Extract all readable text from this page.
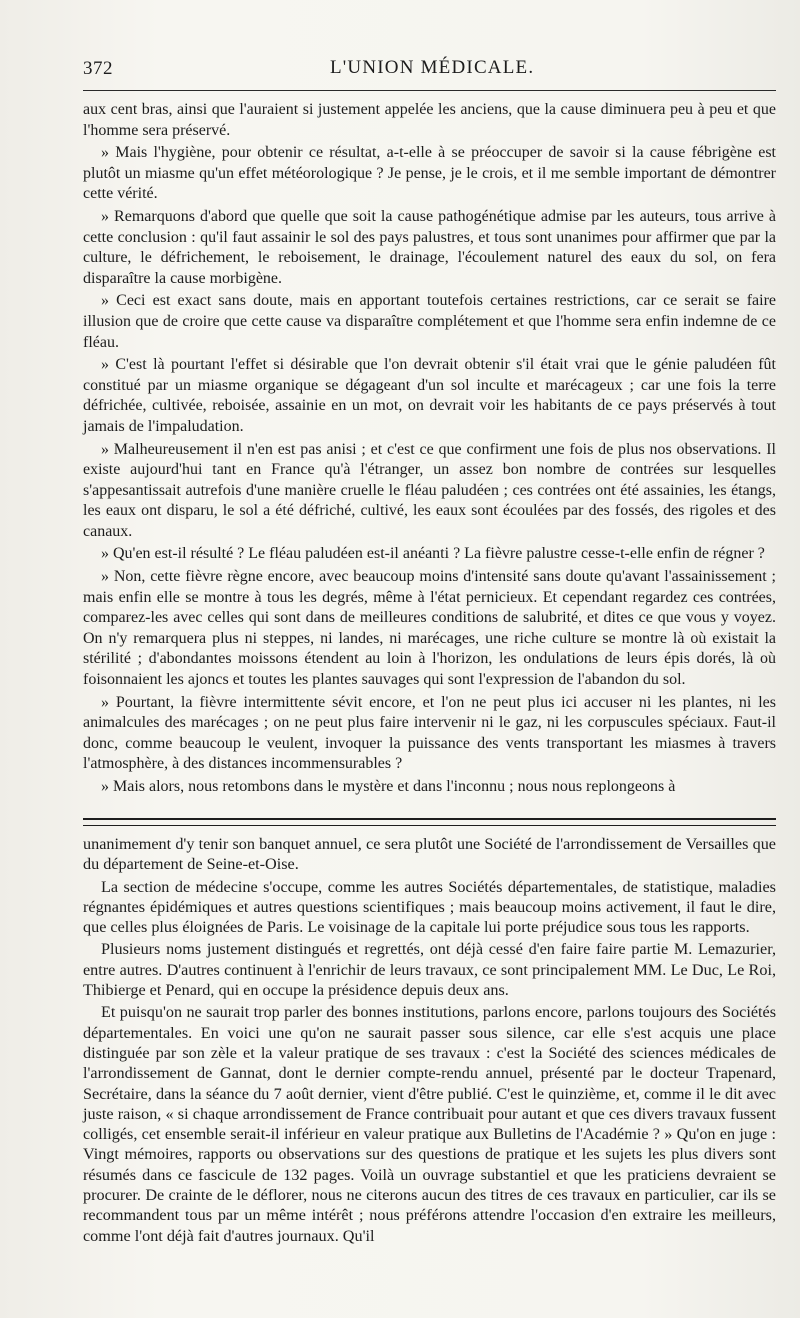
372	L'UNION MÉDICALE.

aux cent bras, ainsi que l'auraient si justement appelée les anciens, que la cause diminuera peu à peu et que l'homme sera préservé.

» Mais l'hygiène, pour obtenir ce résultat, a-t-elle à se préoccuper de savoir si la cause fébrigène est plutôt un miasme qu'un effet météorologique ? Je pense, je le crois, et il me semble important de démontrer cette vérité.

» Remarquons d'abord que quelle que soit la cause pathogénétique admise par les auteurs, tous arrive à cette conclusion : qu'il faut assainir le sol des pays palustres, et tous sont unanimes pour affirmer que par la culture, le défrichement, le reboisement, le drainage, l'écoulement naturel des eaux du sol, on fera disparaître la cause morbigène.

» Ceci est exact sans doute, mais en apportant toutefois certaines restrictions, car ce serait se faire illusion que de croire que cette cause va disparaître complétement et que l'homme sera enfin indemne de ce fléau.

» C'est là pourtant l'effet si désirable que l'on devrait obtenir s'il était vrai que le génie paludéen fût constitué par un miasme organique se dégageant d'un sol inculte et marécageux ; car une fois la terre défrichée, cultivée, reboisée, assainie en un mot, on devrait voir les habitants de ce pays préservés à tout jamais de l'impaludation.

» Malheureusement il n'en est pas anisi ; et c'est ce que confirment une fois de plus nos observations. Il existe aujourd'hui tant en France qu'à l'étranger, un assez bon nombre de contrées sur lesquelles s'appesantissait autrefois d'une manière cruelle le fléau paludéen ; ces contrées ont été assainies, les étangs, les eaux ont disparu, le sol a été défriché, cultivé, les eaux sont écoulées par des fossés, des rigoles et des canaux.

» Qu'en est-il résulté ? Le fléau paludéen est-il anéanti ? La fièvre palustre cesse-t-elle enfin de régner ?

» Non, cette fièvre règne encore, avec beaucoup moins d'intensité sans doute qu'avant l'assainissement ; mais enfin elle se montre à tous les degrés, même à l'état pernicieux. Et cependant regardez ces contrées, comparez-les avec celles qui sont dans de meilleures conditions de salubrité, et dites ce que vous y voyez. On n'y remarquera plus ni steppes, ni landes, ni marécages, une riche culture se montre là où existait la stérilité ; d'abondantes moissons étendent au loin à l'horizon, les ondulations de leurs épis dorés, là où foisonnaient les ajoncs et toutes les plantes sauvages qui sont l'expression de l'abandon du sol.

» Pourtant, la fièvre intermittente sévit encore, et l'on ne peut plus ici accuser ni les plantes, ni les animalcules des marécages ; on ne peut plus faire intervenir ni le gaz, ni les corpuscules spéciaux. Faut-il donc, comme beaucoup le veulent, invoquer la puissance des vents transportant les miasmes à travers l'atmosphère, à des distances incommensurables ?

» Mais alors, nous retombons dans le mystère et dans l'inconnu ; nous nous replongeons à

unanimement d'y tenir son banquet annuel, ce sera plutôt une Société de l'arrondissement de Versailles que du département de Seine-et-Oise.

La section de médecine s'occupe, comme les autres Sociétés départementales, de statistique, maladies régnantes épidémiques et autres questions scientifiques ; mais beaucoup moins activement, il faut le dire, que celles plus éloignées de Paris. Le voisinage de la capitale lui porte préjudice sous tous les rapports.

Plusieurs noms justement distingués et regrettés, ont déjà cessé d'en faire faire partie M. Lemazurier, entre autres. D'autres continuent à l'enrichir de leurs travaux, ce sont principalement MM. Le Duc, Le Roi, Thibierge et Penard, qui en occupe la présidence depuis deux ans.

Et puisqu'on ne saurait trop parler des bonnes institutions, parlons encore, parlons toujours des Sociétés départementales. En voici une qu'on ne saurait passer sous silence, car elle s'est acquis une place distinguée par son zèle et la valeur pratique de ses travaux : c'est la Société des sciences médicales de l'arrondissement de Gannat, dont le dernier compte-rendu annuel, présenté par le docteur Trapenard, Secrétaire, dans la séance du 7 août dernier, vient d'être publié. C'est le quinzième, et, comme il le dit avec juste raison, « si chaque arrondissement de France contribuait pour autant et que ces divers travaux fussent colligés, cet ensemble serait-il inférieur en valeur pratique aux Bulletins de l'Académie ? » Qu'on en juge : Vingt mémoires, rapports ou observations sur des questions de pratique et les sujets les plus divers sont résumés dans ce fascicule de 132 pages. Voilà un ouvrage substantiel et que les praticiens devraient se procurer. De crainte de le déflorer, nous ne citerons aucun des titres de ces travaux en particulier, car ils se recommandent tous par un même intérêt ; nous préférons attendre l'occasion d'en extraire les meilleurs, comme l'ont déjà fait d'autres journaux. Qu'il
